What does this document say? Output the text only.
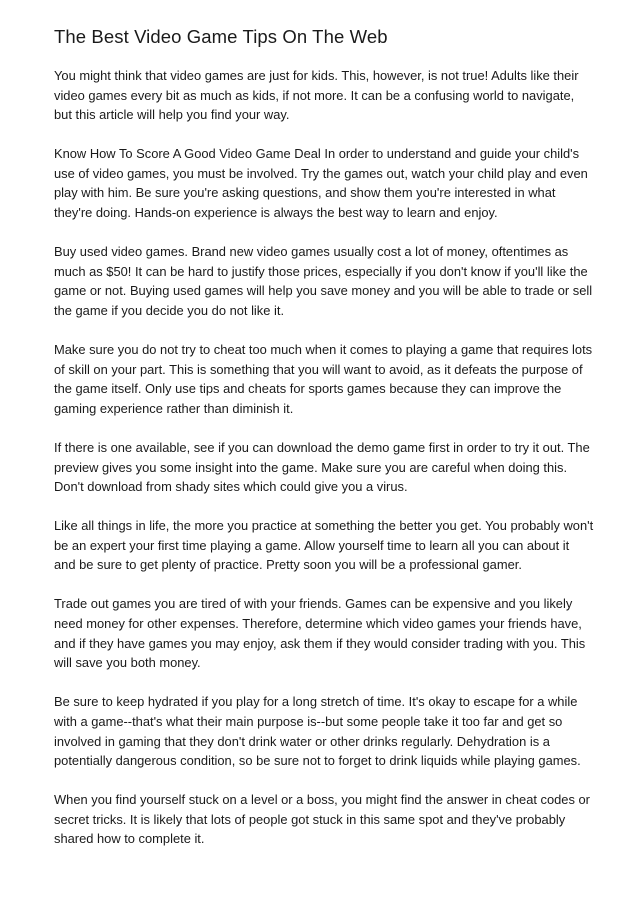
The Best Video Game Tips On The Web

You might think that video games are just for kids. This, however, is not true! Adults like their video games every bit as much as kids, if not more. It can be a confusing world to navigate, but this article will help you find your way.

Know How To Score A Good Video Game Deal In order to understand and guide your child's use of video games, you must be involved. Try the games out, watch your child play and even play with him. Be sure you're asking questions, and show them you're interested in what they're doing. Hands-on experience is always the best way to learn and enjoy.

Buy used video games. Brand new video games usually cost a lot of money, oftentimes as much as $50! It can be hard to justify those prices, especially if you don't know if you'll like the game or not. Buying used games will help you save money and you will be able to trade or sell the game if you decide you do not like it.

Make sure you do not try to cheat too much when it comes to playing a game that requires lots of skill on your part. This is something that you will want to avoid, as it defeats the purpose of the game itself. Only use tips and cheats for sports games because they can improve the gaming experience rather than diminish it.

If there is one available, see if you can download the demo game first in order to try it out. The preview gives you some insight into the game. Make sure you are careful when doing this. Don't download from shady sites which could give you a virus.

Like all things in life, the more you practice at something the better you get. You probably won't be an expert your first time playing a game. Allow yourself time to learn all you can about it and be sure to get plenty of practice. Pretty soon you will be a professional gamer.

Trade out games you are tired of with your friends. Games can be expensive and you likely need money for other expenses. Therefore, determine which video games your friends have, and if they have games you may enjoy, ask them if they would consider trading with you. This will save you both money.

Be sure to keep hydrated if you play for a long stretch of time. It's okay to escape for a while with a game--that's what their main purpose is--but some people take it too far and get so involved in gaming that they don't drink water or other drinks regularly. Dehydration is a potentially dangerous condition, so be sure not to forget to drink liquids while playing games.

When you find yourself stuck on a level or a boss, you might find the answer in cheat codes or secret tricks. It is likely that lots of people got stuck in this same spot and they've probably shared how to complete it.
